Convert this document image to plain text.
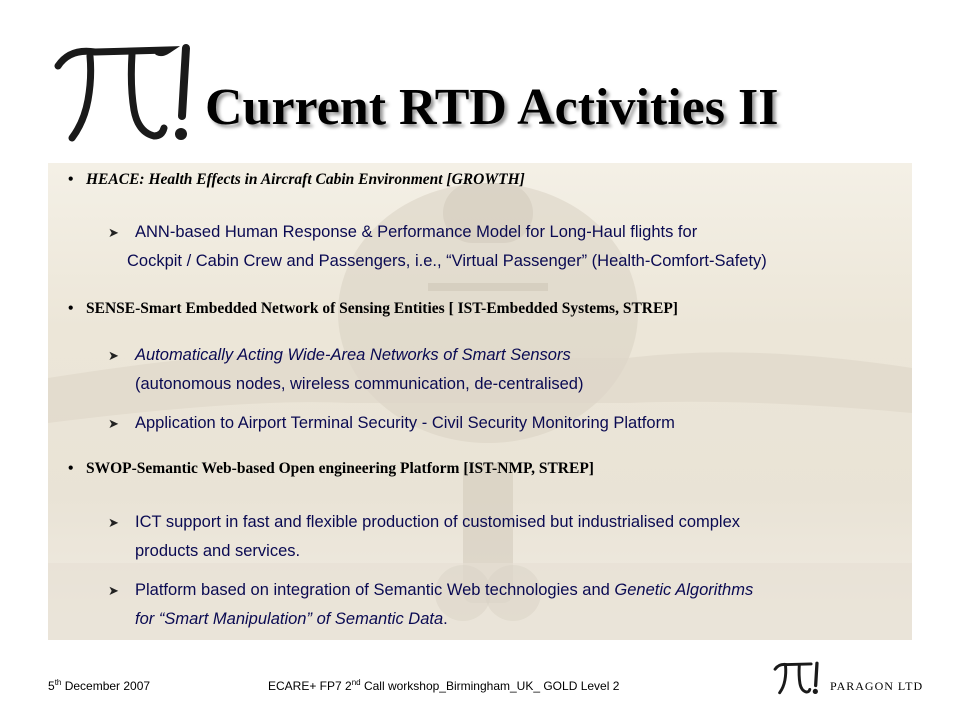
Current RTD Activities II
• HEACE: Health Effects in Aircraft Cabin Environment [GROWTH]
➤ ANN-based Human Response & Performance Model for Long-Haul flights for
Cockpit / Cabin Crew and Passengers, i.e., “Virtual Passenger” (Health-Comfort-Safety)
• SENSE-Smart Embedded Network of Sensing Entities [ IST-Embedded Systems, STREP]
➤ Automatically Acting Wide-Area Networks of Smart Sensors
(autonomous nodes, wireless communication, de-centralised)
➤ Application to Airport Terminal Security - Civil Security Monitoring Platform
• SWOP-Semantic Web-based Open engineering Platform [IST-NMP, STREP]
➤ ICT support in fast and flexible production of customised but industrialised complex
products and services.
➤ Platform based on integration of Semantic Web technologies and Genetic Algorithms
for “Smart Manipulation” of Semantic Data.
5th December 2007	ECARE+ FP7 2nd Call workshop_Birmingham_UK_ GOLD Level 2	PARAGON LTD
